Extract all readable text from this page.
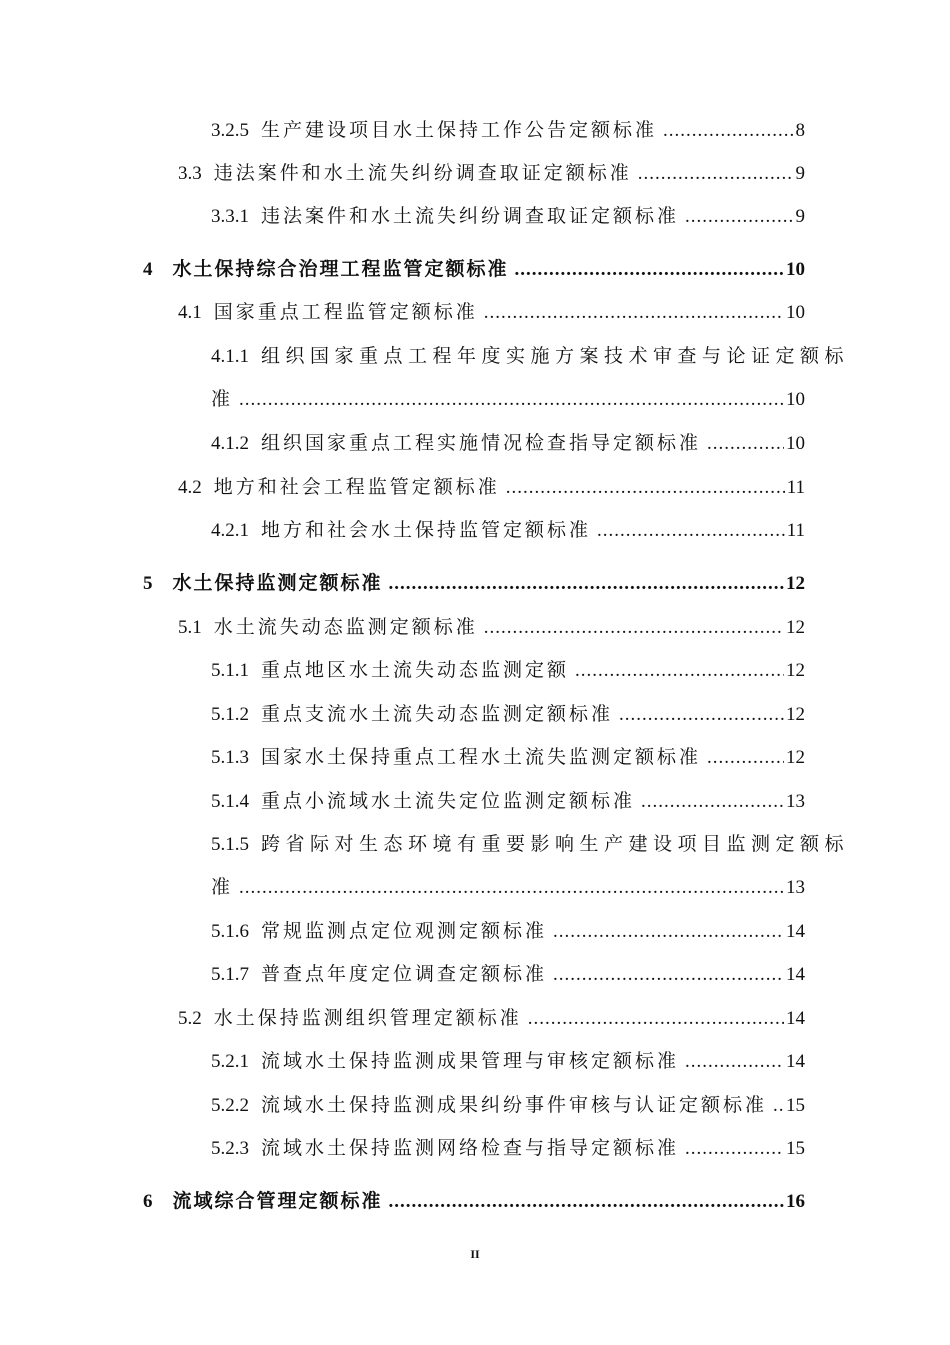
3.2.5 生产建设项目水土保持工作公告定额标准 .....	8
3.3 违法案件和水土流失纠纷调查取证定额标准 .....	9
3.3.1 违法案件和水土流失纠纷调查取证定额标准 .....	9
4 水土保持综合治理工程监管定额标准 .....	10
4.1 国家重点工程监管定额标准 .....	10
4.1.1 组织国家重点工程年度实施方案技术审查与论证定额标
准 .....	10
4.1.2 组织国家重点工程实施情况检查指导定额标准 .....	10
4.2 地方和社会工程监管定额标准 .....	11
4.2.1 地方和社会水土保持监管定额标准 .....	11
5 水土保持监测定额标准 .....	12
5.1 水土流失动态监测定额标准 .....	12
5.1.1 重点地区水土流失动态监测定额 .....	12
5.1.2 重点支流水土流失动态监测定额标准 .....	12
5.1.3 国家水土保持重点工程水土流失监测定额标准 .....	12
5.1.4 重点小流域水土流失定位监测定额标准 .....	13
5.1.5 跨省际对生态环境有重要影响生产建设项目监测定额标
准 .....	13
5.1.6 常规监测点定位观测定额标准 .....	14
5.1.7 普查点年度定位调查定额标准 .....	14
5.2 水土保持监测组织管理定额标准 .....	14
5.2.1 流域水土保持监测成果管理与审核定额标准 .....	14
5.2.2 流域水土保持监测成果纠纷事件审核与认证定额标准 ..... 15
5.2.3 流域水土保持监测网络检查与指导定额标准 .....	15
6 流域综合管理定额标准 .....	16
II
